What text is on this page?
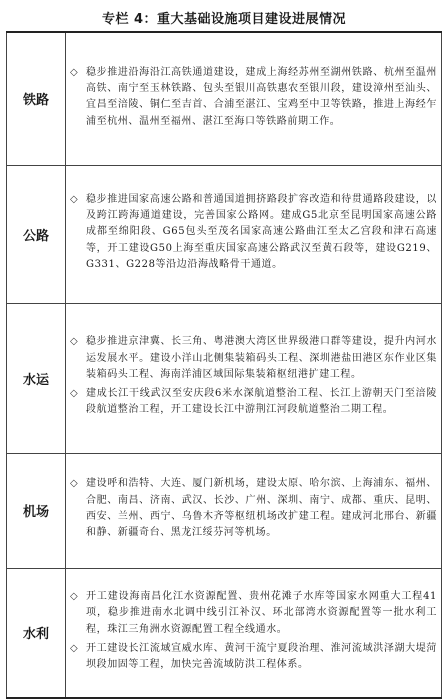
专栏 4：重大基础设施项目建设进展情况
铁路	◇ 稳步推进沿海沿江高铁通道建设，建成上海经苏州至湖州铁路、杭州至温州高铁、南宁至玉林铁路、包头至银川高铁惠农至银川段，建设漳州至汕头、宜昌至涪陵、铜仁至吉首、合浦至湛江、宝鸡至中卫等铁路，推进上海经乍浦至杭州、温州至福州、湛江至海口等铁路前期工作。

公路	◇ 稳步推进国家高速公路和普通国道拥挤路段扩容改造和待贯通路段建设，以及跨江跨海通道建设，完善国家公路网。建成G5北京至昆明国家高速公路成都至绵阳段、G65包头至茂名国家高速公路曲江至太乙宫段和津石高速等，开工建设G50上海至重庆国家高速公路武汉至黄石段等，建设G219、G331、G228等沿边沿海战略骨干通道。

水运	◇ 稳步推进京津冀、长三角、粤港澳大湾区世界级港口群等建设，提升内河水运发展水平。建设小洋山北侧集装箱码头工程、深圳港盐田港区东作业区集装箱码头工程、海南洋浦区域国际集装箱枢纽港扩建工程。
◇ 建成长江干线武汉至安庆段6米水深航道整治工程、长江上游朝天门至涪陵段航道整治工程，开工建设长江中游荆江河段航道整治二期工程。

机场	◇ 建设呼和浩特、大连、厦门新机场，建设太原、哈尔滨、上海浦东、福州、合肥、南昌、济南、武汉、长沙、广州、深圳、南宁、成都、重庆、昆明、西安、兰州、西宁、乌鲁木齐等枢纽机场改扩建工程。建成河北邢台、新疆和静、新疆奇台、黑龙江绥芬河等机场。

水利	◇ 开工建设海南昌化江水资源配置、贵州花滩子水库等国家水网重大工程41项，稳步推进南水北调中线引江补汉、环北部湾水资源配置等一批水利工程，珠江三角洲水资源配置工程全线通水。
◇ 开工建设长江流域宣威水库、黄河干流宁夏段治理、淮河流域洪泽湖大堤菏坝段加固等工程，加快完善流域防洪工程体系。
